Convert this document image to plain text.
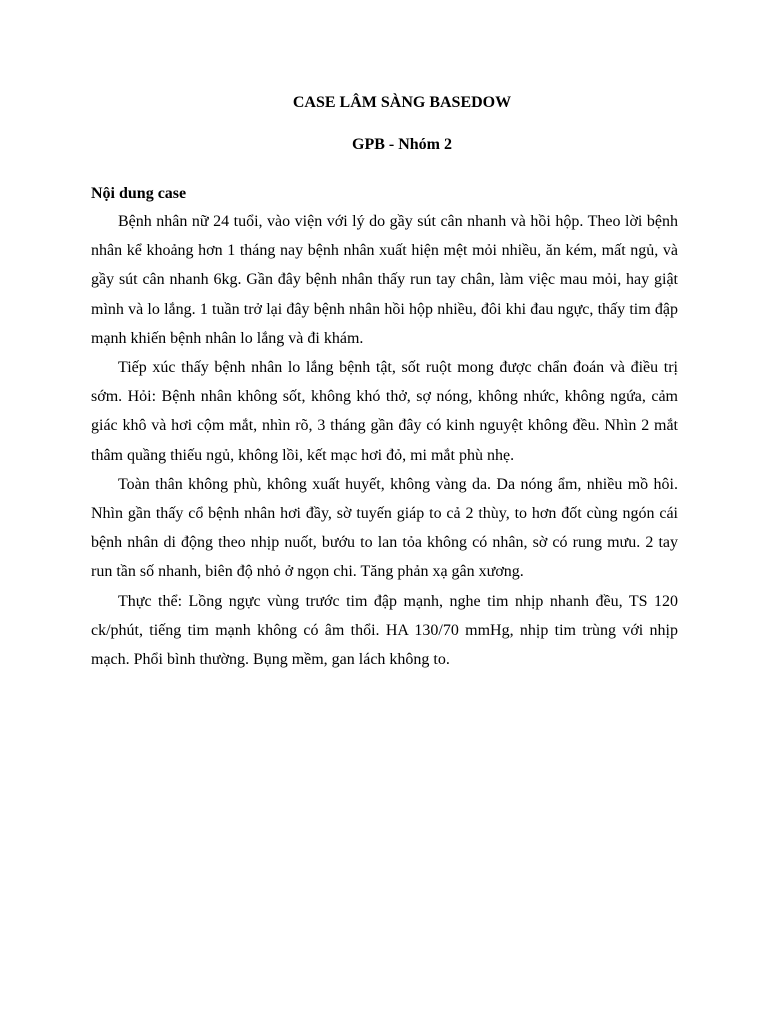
CASE LÂM SÀNG BASEDOW
GPB - Nhóm 2
Nội dung case

Bệnh nhân nữ 24 tuổi, vào viện với lý do gầy sút cân nhanh và hồi hộp. Theo lời bệnh nhân kể khoảng hơn 1 tháng nay bệnh nhân xuất hiện mệt mỏi nhiều, ăn kém, mất ngủ, và gầy sút cân nhanh 6kg. Gần đây bệnh nhân thấy run tay chân, làm việc mau mỏi, hay giật mình và lo lắng. 1 tuần trở lại đây bệnh nhân hồi hộp nhiều, đôi khi đau ngực, thấy tim đập mạnh khiến bệnh nhân lo lắng và đi khám.

Tiếp xúc thấy bệnh nhân lo lắng bệnh tật, sốt ruột mong được chẩn đoán và điều trị sớm. Hỏi: Bệnh nhân không sốt, không khó thở, sợ nóng, không nhức, không ngứa, cảm giác khô và hơi cộm mắt, nhìn rõ, 3 tháng gần đây có kinh nguyệt không đều. Nhìn 2 mắt thâm quầng thiếu ngủ, không lồi, kết mạc hơi đỏ, mi mắt phù nhẹ.

Toàn thân không phù, không xuất huyết, không vàng da. Da nóng ẩm, nhiều mồ hôi. Nhìn gần thấy cổ bệnh nhân hơi đầy, sờ tuyến giáp to cả 2 thùy, to hơn đốt cùng ngón cái bệnh nhân di động theo nhịp nuốt, bướu to lan tỏa không có nhân, sờ có rung mưu. 2 tay run tần số nhanh, biên độ nhỏ ở ngọn chi. Tăng phản xạ gân xương.

Thực thể: Lồng ngực vùng trước tim đập mạnh, nghe tim nhịp nhanh đều, TS 120 ck/phút, tiếng tim mạnh không có âm thổi. HA 130/70 mmHg, nhịp tim trùng với nhịp mạch. Phổi bình thường. Bụng mềm, gan lách không to.
